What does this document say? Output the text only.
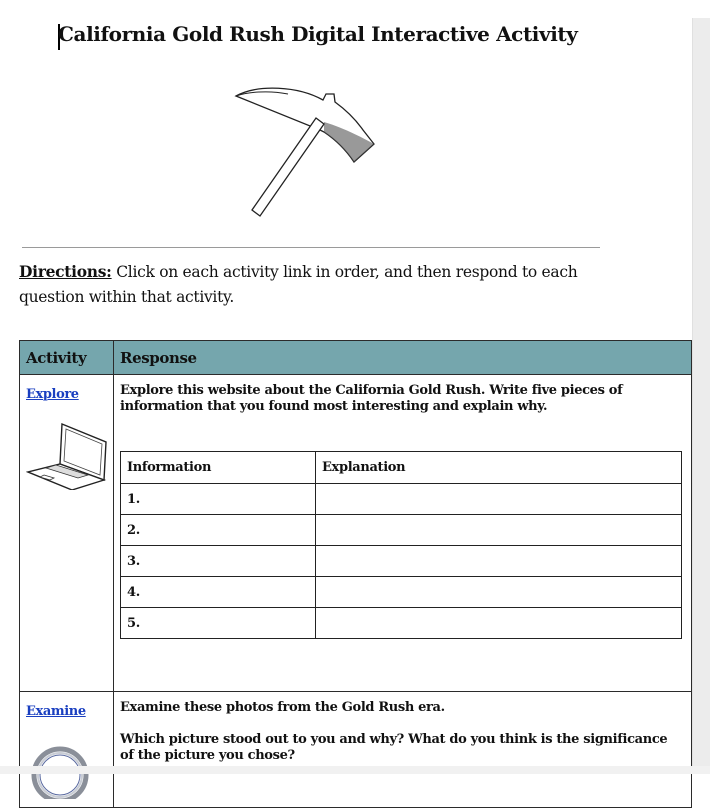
California Gold Rush Digital Interactive Activity
Directions: Click on each activity link in order, and then respond to each question within that activity.
Activity	Response
Explore	Explore this website about the California Gold Rush. Write five pieces of information that you found most interesting and explain why.

Information	Explanation
1.	
2.	
3.	
4.	
5.	

Examine	Examine these photos from the Gold Rush era.

Which picture stood out to you and why? What do you think is the significance of the picture you chose?
